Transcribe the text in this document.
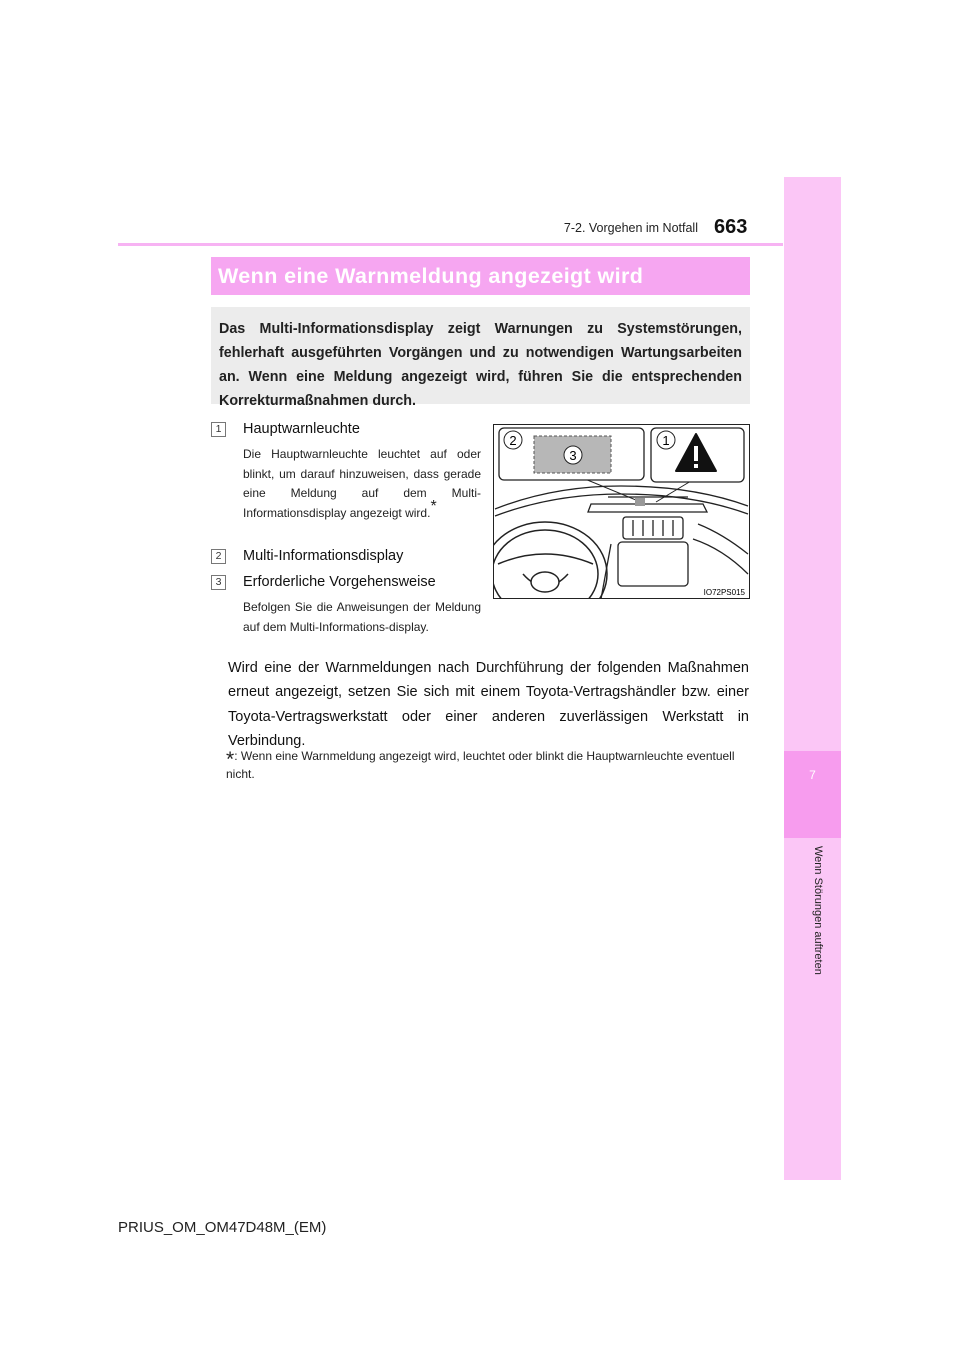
663
7-2. Vorgehen im Notfall
7
Wenn Störungen auftreten
Wenn eine Warnmeldung angezeigt wird
Das Multi-Informationsdisplay zeigt Warnungen zu Systemstörungen, fehlerhaft ausgeführten Vorgängen und zu notwendigen Wartungsarbeiten an. Wenn eine Meldung angezeigt wird, führen Sie die entsprechenden Korrekturmaßnahmen durch.
1	Hauptwarnleuchte
Die Hauptwarnleuchte leuchtet auf oder blinkt, um darauf hinzuweisen, dass gerade eine Meldung auf dem Multi-Informationsdisplay angezeigt wird.*
2	Multi-Informationsdisplay
3	Erforderliche Vorgehensweise
Befolgen Sie die Anweisungen der Meldung auf dem Multi-Informations-display.
2
3
1
IO72PS015
Wird eine der Warnmeldungen nach Durchführung der folgenden Maßnahmen erneut angezeigt, setzen Sie sich mit einem Toyota-Vertragshändler bzw. einer Toyota-Vertragswerkstatt oder einer anderen zuverlässigen Werkstatt in Verbindung.
*: Wenn eine Warnmeldung angezeigt wird, leuchtet oder blinkt die Hauptwarnleuchte eventuell nicht.
PRIUS_OM_OM47D48M_(EM)
